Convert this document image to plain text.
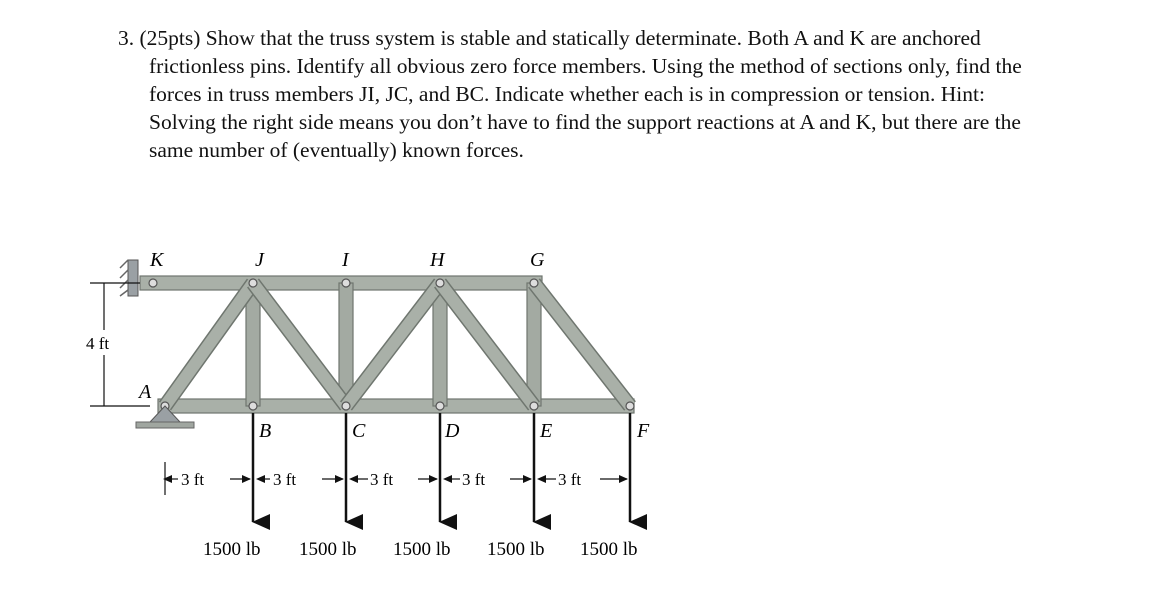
3. (25pts) Show that the truss system is stable and statically determinate. Both A and K are anchored frictionless pins. Identify all obvious zero force members. Using the method of sections only, find the forces in truss members JI, JC, and BC. Indicate whether each is in compression or tension. Hint: Solving the right side means you don’t have to find the support reactions at A and K, but there are the same number of (eventually) known forces.
K	J	I	H	G
A
B	C	D	E	F
4 ft
3 ft	3 ft	3 ft	3 ft	3 ft
1500 lb 1500 lb 1500 lb 1500 lb 1500 lb
